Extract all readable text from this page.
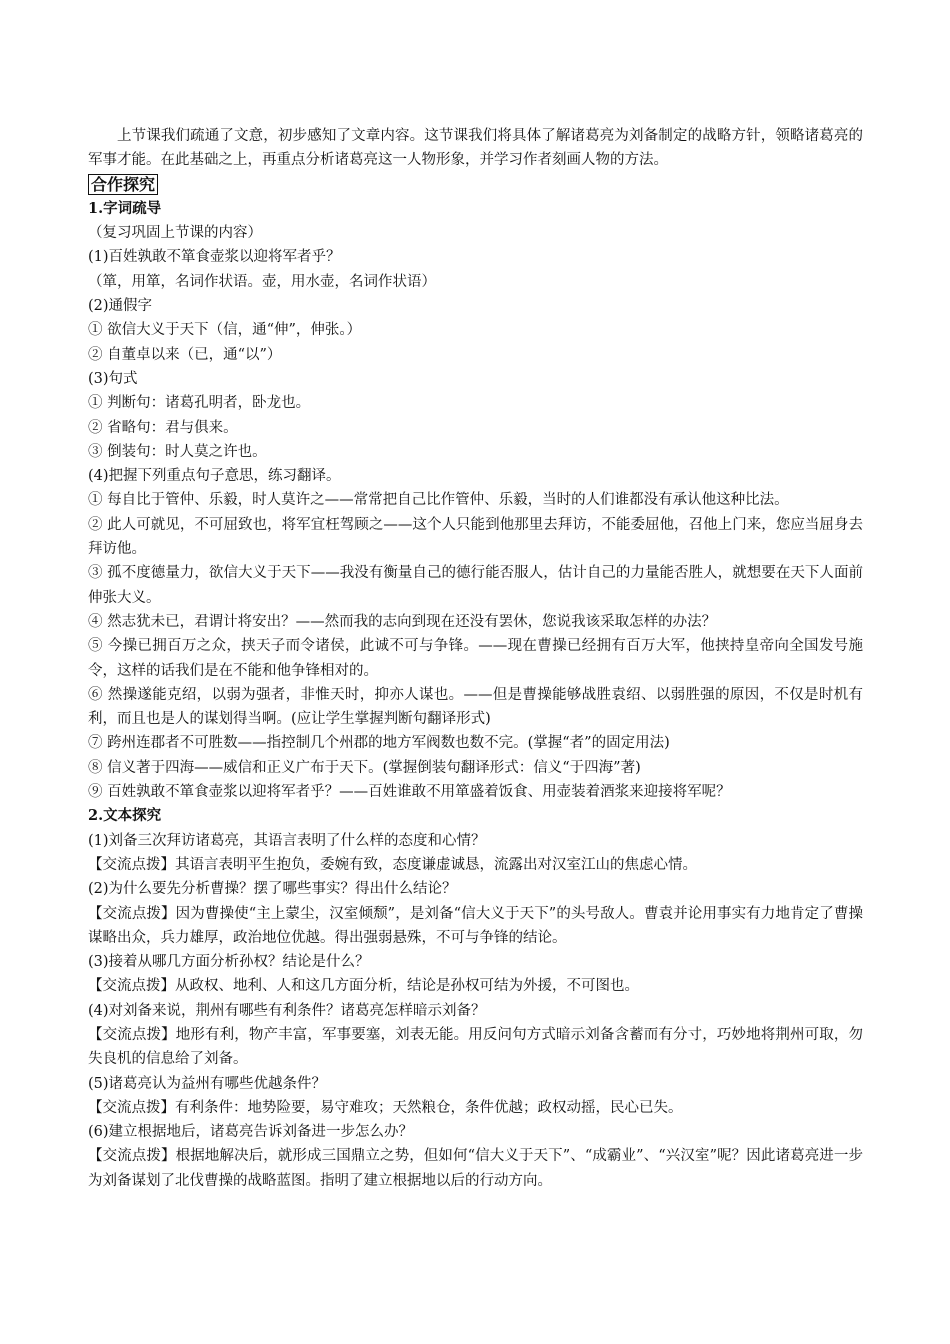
上节课我们疏通了文意，初步感知了文章内容。这节课我们将具体了解诸葛亮为刘备制定的战略方针，领略诸葛亮的军事才能。在此基础之上，再重点分析诸葛亮这一人物形象，并学习作者刻画人物的方法。
合作探究
1.字词疏导
（复习巩固上节课的内容）
(1)百姓孰敢不箪食壶浆以迎将军者乎？
（箪，用箪，名词作状语。壶，用水壶，名词作状语）
(2)通假字
① 欲信大义于天下（信，通“伸”，伸张。）
② 自董卓以来（已，通“以”）
(3)句式
① 判断句：诸葛孔明者，卧龙也。
② 省略句：君与俱来。
③ 倒装句：时人莫之许也。
(4)把握下列重点句子意思，练习翻译。
① 每自比于管仲、乐毅，时人莫许之——常常把自己比作管仲、乐毅，当时的人们谁都没有承认他这种比法。
② 此人可就见，不可屈致也，将军宜枉驾顾之——这个人只能到他那里去拜访，不能委屈他，召他上门来，您应当屈身去拜访他。
③ 孤不度德量力，欲信大义于天下——我没有衡量自己的德行能否服人，估计自己的力量能否胜人，就想要在天下人面前伸张大义。
④ 然志犹未已，君谓计将安出？——然而我的志向到现在还没有罢休，您说我该采取怎样的办法？
⑤ 今操已拥百万之众，挟天子而令诸侯，此诚不可与争锋。——现在曹操已经拥有百万大军，他挟持皇帝向全国发号施令，这样的话我们是在不能和他争锋相对的。
⑥ 然操遂能克绍，以弱为强者，非惟天时，抑亦人谋也。——但是曹操能够战胜袁绍、以弱胜强的原因，不仅是时机有利，而且也是人的谋划得当啊。(应让学生掌握判断句翻译形式)
⑦ 跨州连郡者不可胜数——指控制几个州郡的地方军阀数也数不完。(掌握“者”的固定用法)
⑧ 信义著于四海——威信和正义广布于天下。(掌握倒装句翻译形式：信义“于四海”著)
⑨ 百姓孰敢不箪食壶浆以迎将军者乎？——百姓谁敢不用箪盛着饭食、用壶装着酒浆来迎接将军呢？
2.文本探究
(1)刘备三次拜访诸葛亮，其语言表明了什么样的态度和心情？
【交流点拨】其语言表明平生抱负，委婉有致，态度谦虚诚恳，流露出对汉室江山的焦虑心情。
(2)为什么要先分析曹操？摆了哪些事实？得出什么结论？
【交流点拨】因为曹操使“主上蒙尘，汉室倾颓”，是刘备“信大义于天下”的头号敌人。曹袁并论用事实有力地肯定了曹操谋略出众，兵力雄厚，政治地位优越。得出强弱悬殊，不可与争锋的结论。
(3)接着从哪几方面分析孙权？结论是什么？
【交流点拨】从政权、地利、人和这几方面分析，结论是孙权可结为外援，不可图也。
(4)对刘备来说，荆州有哪些有利条件？诸葛亮怎样暗示刘备？
【交流点拨】地形有利，物产丰富，军事要塞，刘表无能。用反问句方式暗示刘备含蓄而有分寸，巧妙地将荆州可取，勿失良机的信息给了刘备。
(5)诸葛亮认为益州有哪些优越条件？
【交流点拨】有利条件：地势险要，易守难攻；天然粮仓，条件优越；政权动摇，民心已失。
(6)建立根据地后，诸葛亮告诉刘备进一步怎么办？
【交流点拨】根据地解决后，就形成三国鼎立之势，但如何“信大义于天下”、“成霸业”、“兴汉室”呢？因此诸葛亮进一步为刘备谋划了北伐曹操的战略蓝图。指明了建立根据地以后的行动方向。
